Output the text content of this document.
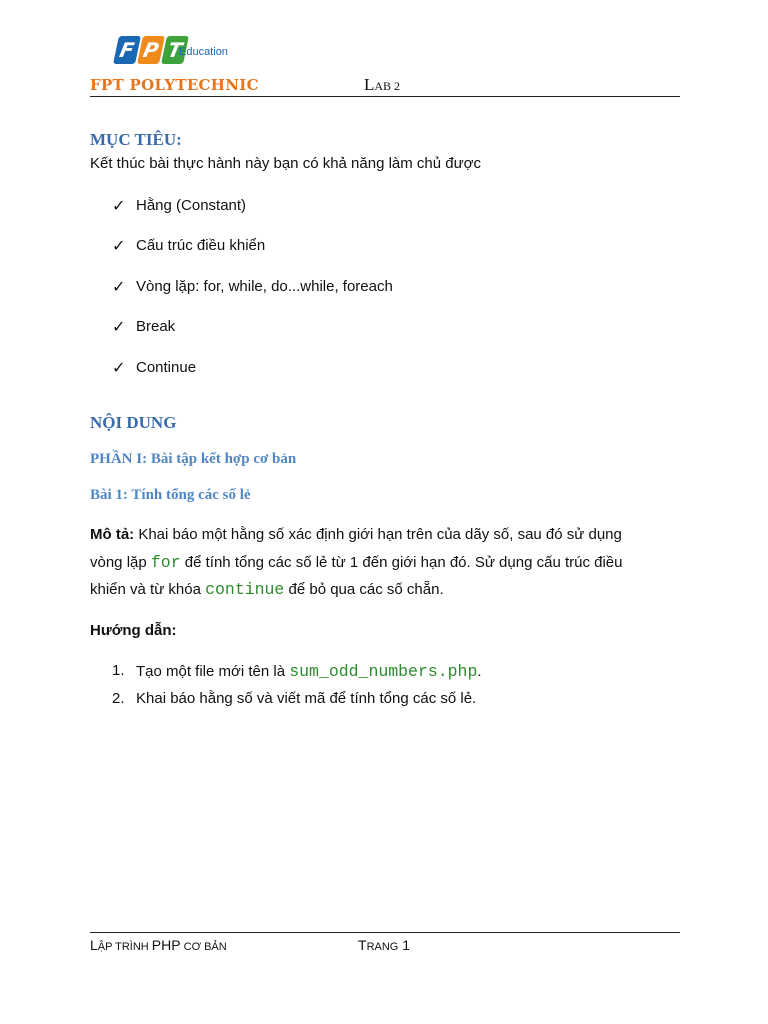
F P T
Education
FPT POLYTECHNIC	LAB 2
MỤC TIÊU:
Kết thúc bài thực hành này bạn có khả năng làm chủ được
✓ Hằng (Constant)
✓ Cấu trúc điều khiển
✓ Vòng lặp: for, while, do...while, foreach
✓ Break
✓ Continue
NỘI DUNG
PHẦN I: Bài tập kết hợp cơ bản
Bài 1: Tính tổng các số lẻ
Mô tả: Khai báo một hằng số xác định giới hạn trên của dãy số, sau đó sử dụng
vòng lặp for để tính tổng các số lẻ từ 1 đến giới hạn đó. Sử dụng cấu trúc điều
khiển và từ khóa continue để bỏ qua các số chẵn.
Hướng dẫn:
1. Tạo một file mới tên là sum_odd_numbers.php.
2. Khai báo hằng số và viết mã để tính tổng các số lẻ.
LẬP TRÌNH PHP CƠ BẢN	TRANG 1
